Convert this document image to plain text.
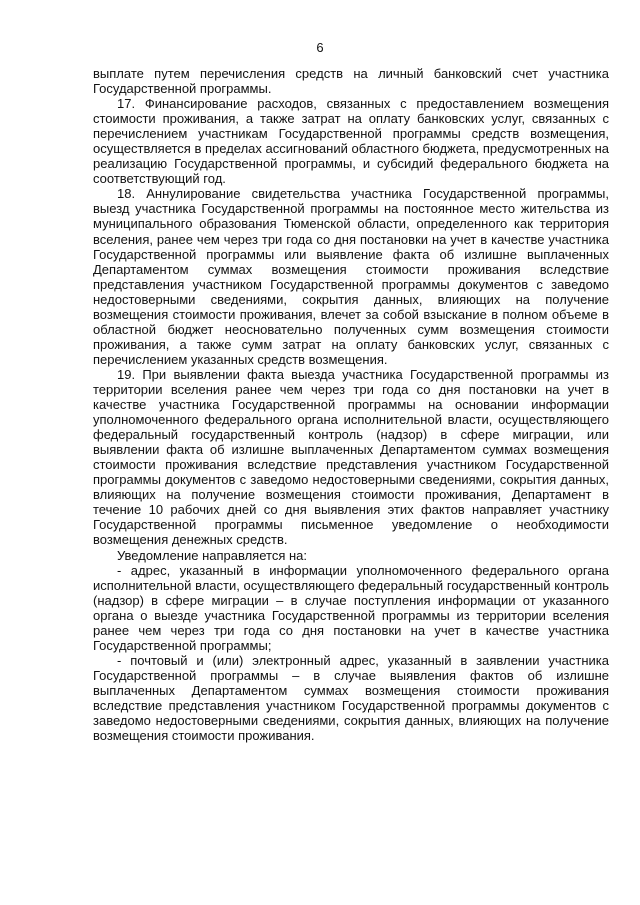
6

выплате путем перечисления средств на личный банковский счет участника Государственной программы.

17. Финансирование расходов, связанных с предоставлением возмещения стоимости проживания, а также затрат на оплату банковских услуг, связанных с перечислением участникам Государственной программы средств возмещения, осуществляется в пределах ассигнований областного бюджета, предусмотренных на реализацию Государственной программы, и субсидий федерального бюджета на соответствующий год.

18. Аннулирование свидетельства участника Государственной программы, выезд участника Государственной программы на постоянное место жительства из муниципального образования Тюменской области, определенного как территория вселения, ранее чем через три года со дня постановки на учет в качестве участника Государственной программы или выявление факта об излишне выплаченных Департаментом суммах возмещения стоимости проживания вследствие представления участником Государственной программы документов с заведомо недостоверными сведениями, сокрытия данных, влияющих на получение возмещения стоимости проживания, влечет за собой взыскание в полном объеме в областной бюджет неосновательно полученных сумм возмещения стоимости проживания, а также сумм затрат на оплату банковских услуг, связанных с перечислением указанных средств возмещения.

19. При выявлении факта выезда участника Государственной программы из территории вселения ранее чем через три года со дня постановки на учет в качестве участника Государственной программы на основании информации уполномоченного федерального органа исполнительной власти, осуществляющего федеральный государственный контроль (надзор) в сфере миграции, или выявлении факта об излишне выплаченных Департаментом суммах возмещения стоимости проживания вследствие представления участником Государственной программы документов с заведомо недостоверными сведениями, сокрытия данных, влияющих на получение возмещения стоимости проживания, Департамент в течение 10 рабочих дней со дня выявления этих фактов направляет участнику Государственной программы письменное уведомление о необходимости возмещения денежных средств.

Уведомление направляется на:

- адрес, указанный в информации уполномоченного федерального органа исполнительной власти, осуществляющего федеральный государственный контроль (надзор) в сфере миграции – в случае поступления информации от указанного органа о выезде участника Государственной программы из территории вселения ранее чем через три года со дня постановки на учет в качестве участника Государственной программы;

- почтовый и (или) электронный адрес, указанный в заявлении участника Государственной программы – в случае выявления фактов об излишне выплаченных Департаментом суммах возмещения стоимости проживания вследствие представления участником Государственной программы документов с заведомо недостоверными сведениями, сокрытия данных, влияющих на получение возмещения стоимости проживания.
